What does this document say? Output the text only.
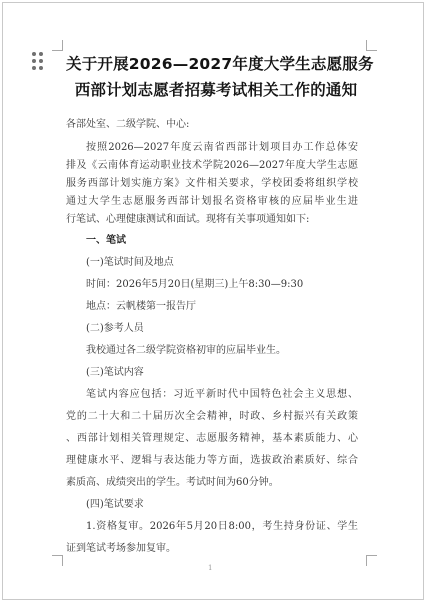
关于开展2026—2027年度大学生志愿服务
西部计划志愿者招募考试相关工作的通知
各部处室、二级学院、中心:
按照2026—2027年度云南省西部计划项目办工作总体安
排及《云南体育运动职业技术学院2026—2027年度大学生志愿
服务西部计划实施方案》文件相关要求，学校团委将组织学校
通过大学生志愿服务西部计划报名资格审核的应届毕业生进
行笔试、心理健康测试和面试。现将有关事项通知如下:
一、笔试
(一)笔试时间及地点
时间：2026年5月20日(星期三)上午8:30—9:30
地点：云帆楼第一报告厅
(二)参考人员
我校通过各二级学院资格初审的应届毕业生。
(三)笔试内容
笔试内容应包括：习近平新时代中国特色社会主义思想、
党的二十大和二十届历次全会精神，时政、乡村振兴有关政策
、西部计划相关管理规定、志愿服务精神，基本素质能力、心
理健康水平、逻辑与表达能力等方面，选拔政治素质好、综合
素质高、成绩突出的学生。考试时间为60分钟。
(四)笔试要求
1.资格复审。2026年5月20日8:00，考生持身份证、学生
证到笔试考场参加复审。
1
